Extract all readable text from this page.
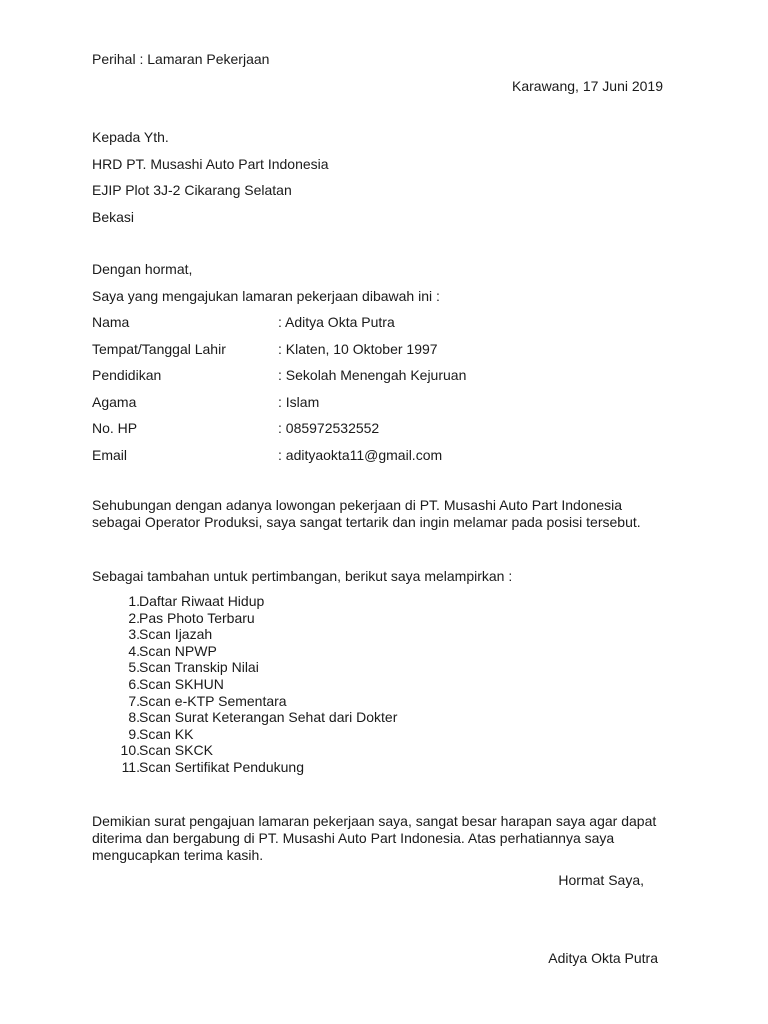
Perihal : Lamaran Pekerjaan
Karawang, 17 Juni 2019
Kepada Yth.
HRD PT. Musashi Auto Part Indonesia
EJIP Plot 3J-2 Cikarang Selatan
Bekasi
Dengan hormat,
Saya yang mengajukan lamaran pekerjaan dibawah ini :
Nama	: Aditya Okta Putra
Tempat/Tanggal Lahir	: Klaten, 10 Oktober 1997
Pendidikan	: Sekolah Menengah Kejuruan
Agama	: Islam
No. HP	: 085972532552
Email	: adityaokta11@gmail.com
Sehubungan dengan adanya lowongan pekerjaan di PT. Musashi Auto Part Indonesia
sebagai Operator Produksi, saya sangat tertarik dan ingin melamar pada posisi tersebut.
Sebagai tambahan untuk pertimbangan, berikut saya melampirkan :
1. Daftar Riwaat Hidup
2. Pas Photo Terbaru
3. Scan Ijazah
4. Scan NPWP
5. Scan Transkip Nilai
6. Scan SKHUN
7. Scan e-KTP Sementara
8. Scan Surat Keterangan Sehat dari Dokter
9. Scan KK
10. Scan SKCK
11. Scan Sertifikat Pendukung
Demikian surat pengajuan lamaran pekerjaan saya, sangat besar harapan saya agar dapat
diterima dan bergabung di PT. Musashi Auto Part Indonesia. Atas perhatiannya saya
mengucapkan terima kasih.
Hormat Saya,
Aditya Okta Putra
